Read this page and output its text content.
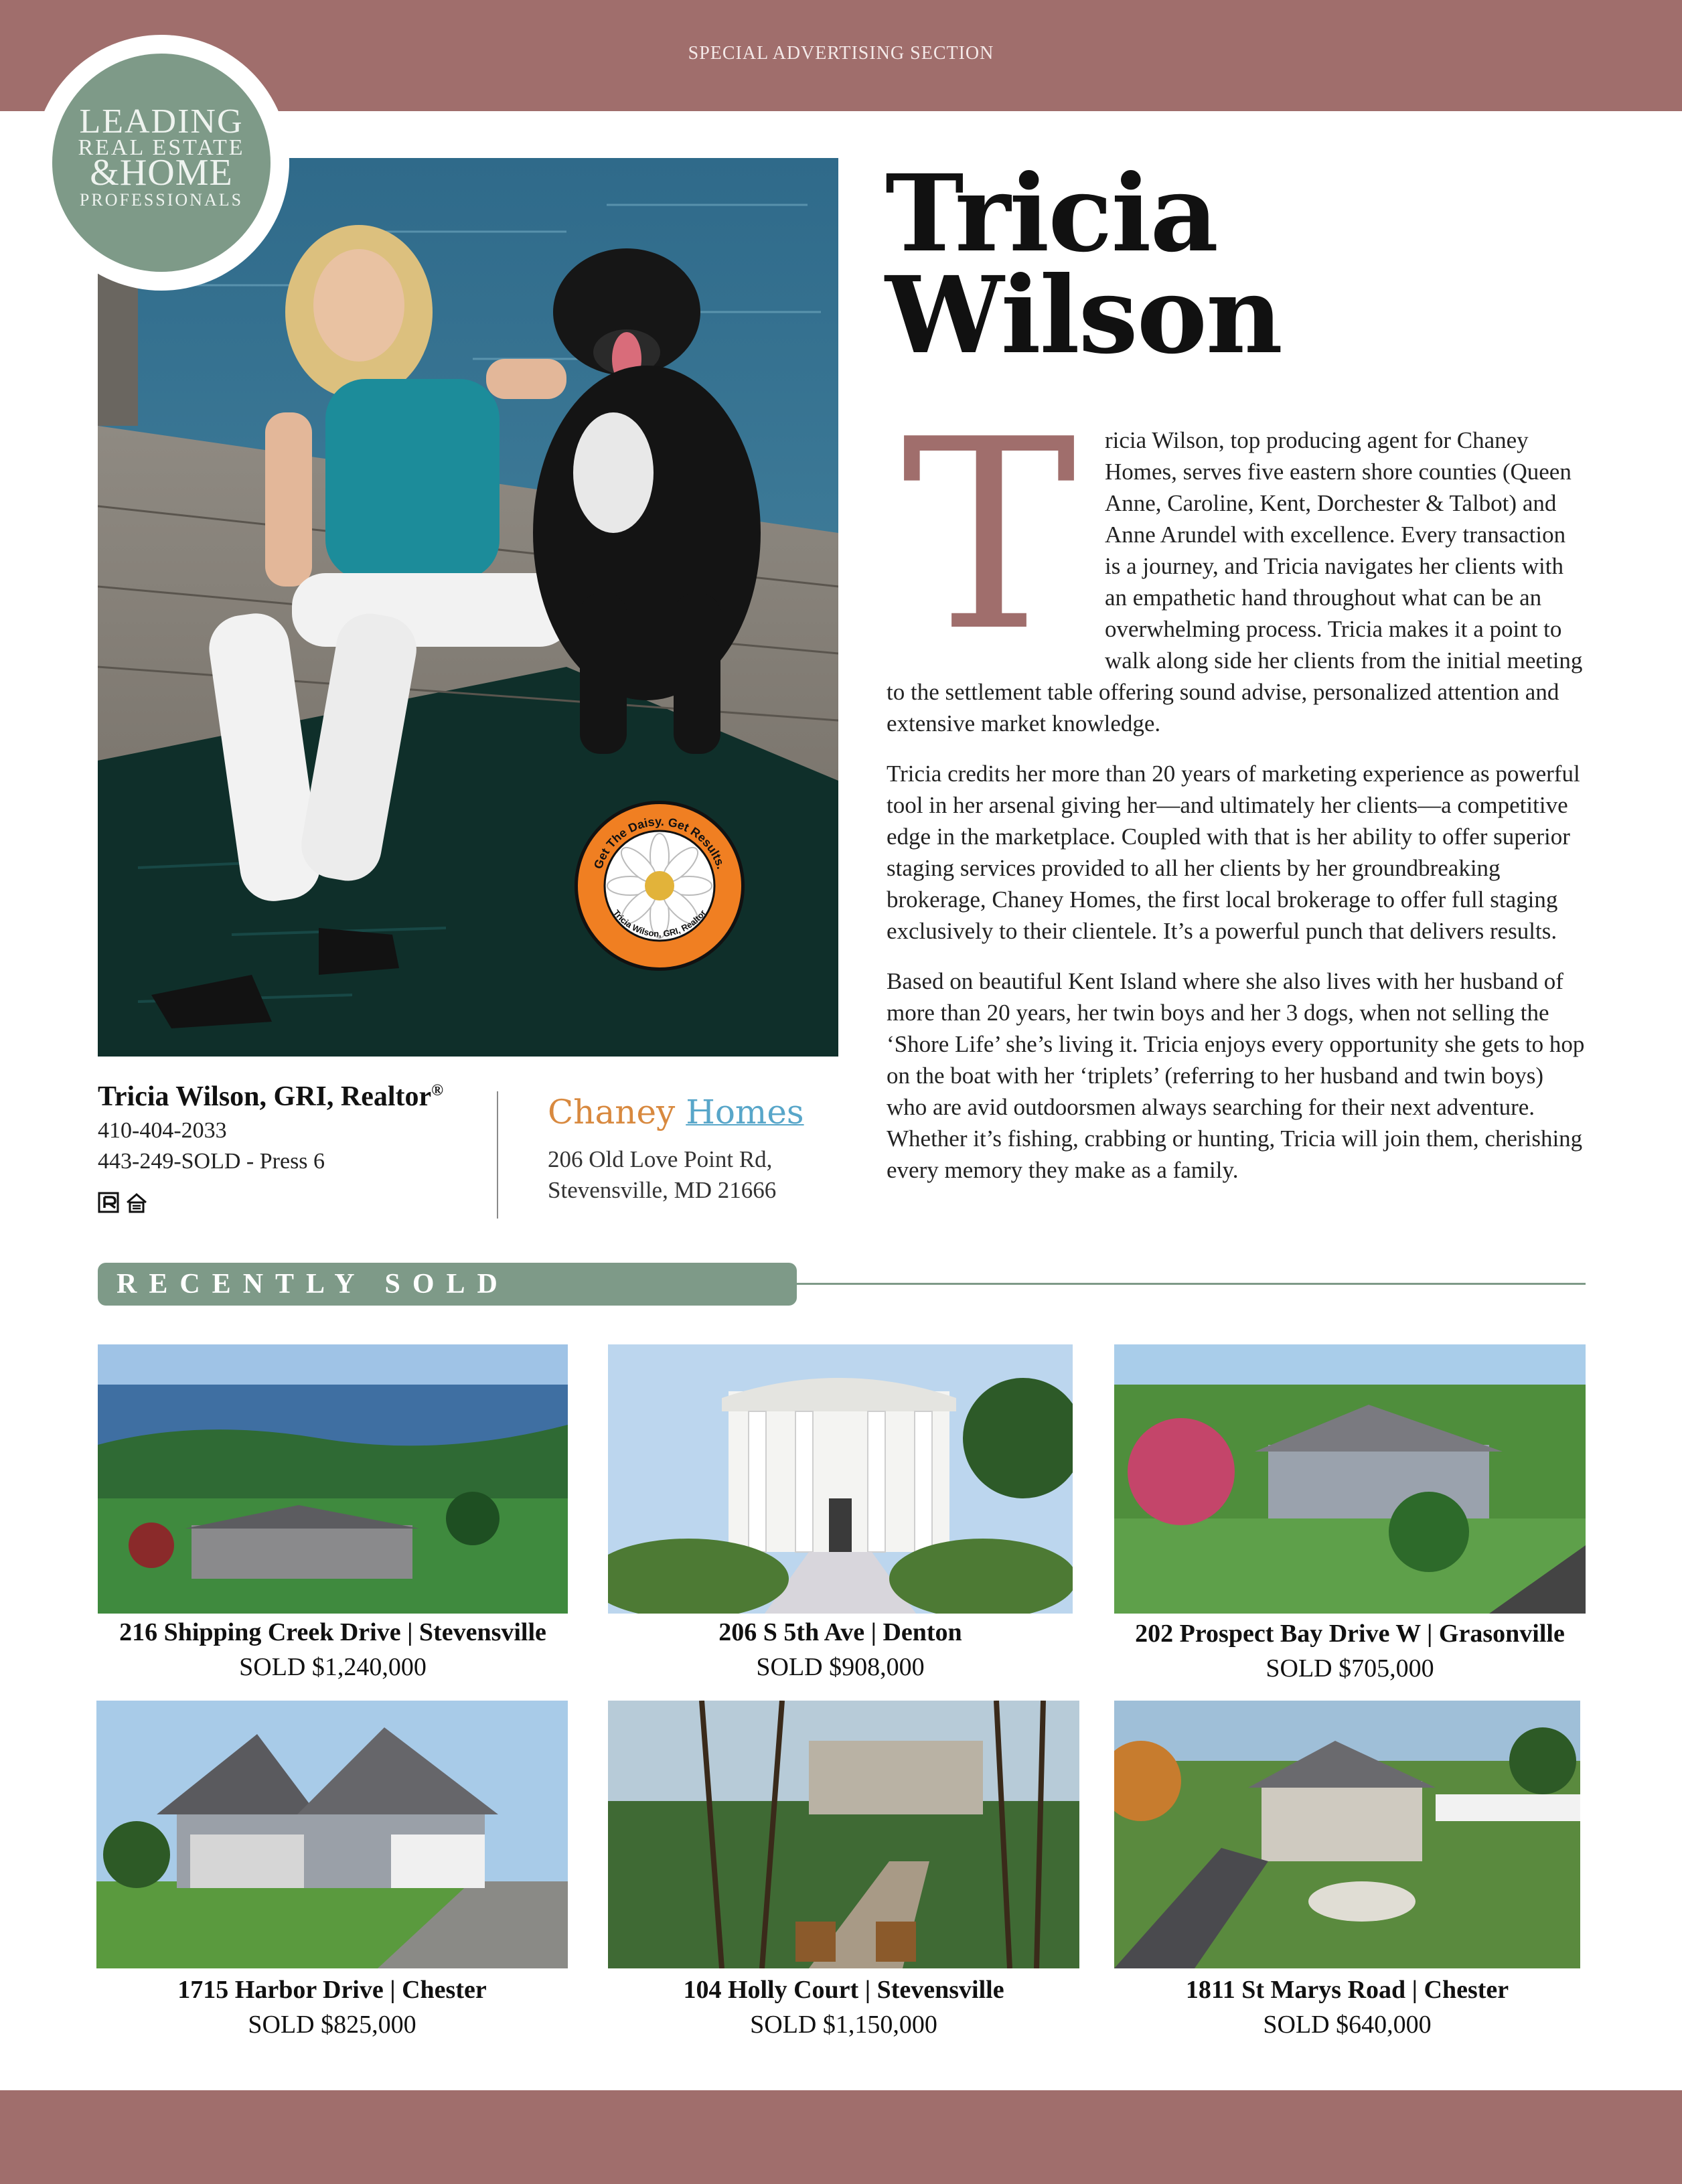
SPECIAL ADVERTISING SECTION
Get The Daisy. Get Results.
Tricia Wilson, GRI, Realtor
LEADING
REAL ESTATE
&HOME
PROFESSIONALS	Tricia
Wilson

T	ricia Wilson, top producing agent for Chaney Homes, serves five eastern shore counties (Queen Anne, Caroline, Kent, Dorchester & Talbot) and Anne Arundel with excellence. Every transaction is a journey, and Tricia navigates her clients with an empathetic hand throughout what can be an overwhelming process. Tricia makes it a point to walk along side her clients from the initial meeting to the settlement table offering sound advise, personalized attention and extensive market knowledge.

Tricia credits her more than 20 years of marketing experience as powerful tool in her arsenal giving her—and ultimately her clients—a competitive edge in the marketplace. Coupled with that is her ability to offer superior staging services provided to all her clients by her groundbreaking brokerage, Chaney Homes, the first local brokerage to offer full staging exclusively to their clientele. It’s a powerful punch that delivers results.

Based on beautiful Kent Island where she also lives with her husband of more than 20 years, her twin boys and her 3 dogs, when not selling the ‘Shore Life’ she’s living it. Tricia enjoys every opportunity she gets to hop on the boat with her ‘triplets’ (referring to her husband and twin boys) who are avid outdoorsmen always searching for their next adventure. Whether it’s fishing, crabbing or hunting, Tricia will join them, cherishing every memory they make as a family.

Tricia Wilson, GRI, Realtor®
410-404-2033
443-249-SOLD - Press 6
Chaney Homes
206 Old Love Point Rd,
Stevensville, MD 21666
RECENTLY SOLD PROPERTIES
216 Shipping Creek Drive | Stevensville
SOLD $1,240,000
206 S 5th Ave | Denton
SOLD $908,000
202 Prospect Bay Drive W | Grasonville
SOLD $705,000
1715 Harbor Drive | Chester
SOLD $825,000
104 Holly Court | Stevensville
SOLD $1,150,000
1811 St Marys Road | Chester
SOLD $640,000
